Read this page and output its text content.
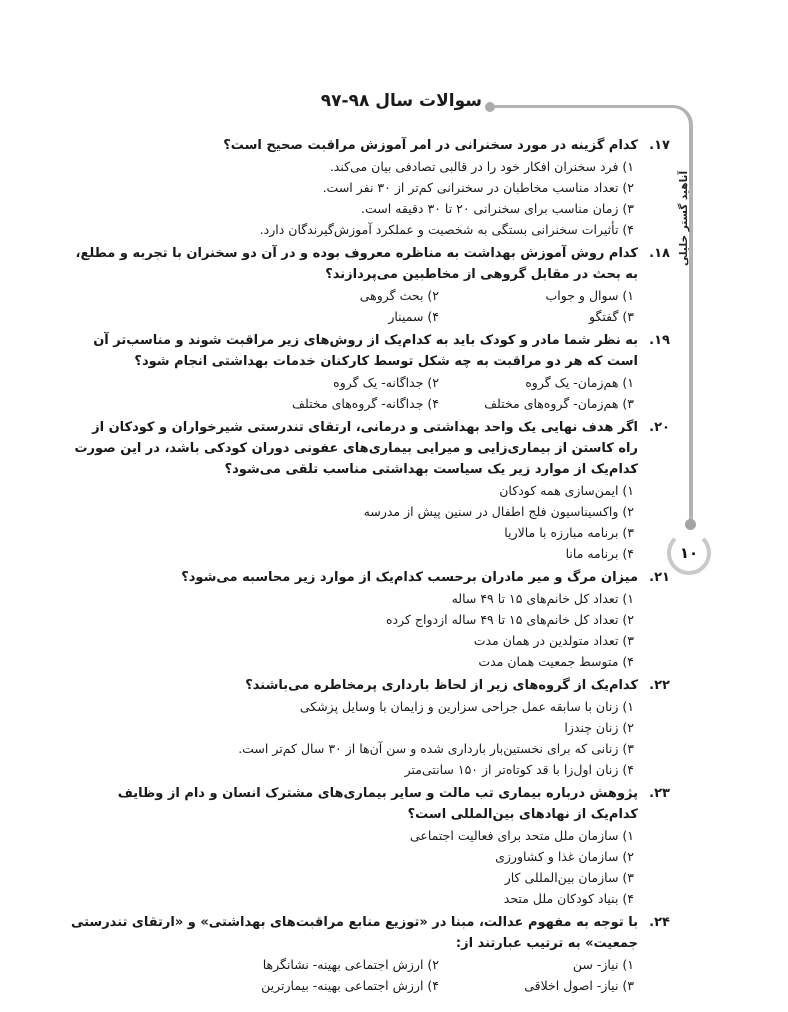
سوالات سال ۹۸-۹۷
آناهید گستر خلیلی
۱۰
۱۷.

کدام گزینه در مورد سخنرانی در امر آموزش مراقبت صحیح است؟

۱) فرد سخنران افکار خود را در قالبی تصادفی بیان می‌کند.
۲) تعداد مناسب مخاطبان در سخنرانی کم‌تر از ۳۰ نفر است.
۳) زمان مناسب برای سخنرانی ۲۰ تا ۳۰ دقیقه است.
۴) تأثیرات سخنرانی بستگی به شخصیت و عملکرد آموزش‌گیرندگان دارد.
۱۸.

کدام روش آموزش بهداشت به مناظره معروف بوده و در آن دو سخنران با تجربه و مطلع، به بحث در مقابل گروهی از مخاطبین می‌پردازند؟

۱) سوال و جواب
۲) بحث گروهی
۳) گفتگو
۴) سمینار
۱۹.

به نظر شما مادر و کودک باید به کدام‌یک از روش‌های زیر مراقبت شوند و مناسب‌تر آن است که هر دو مراقبت به چه شکل توسط کارکنان خدمات بهداشتی انجام شود؟

۱) هم‌زمان- یک گروه
۲) جداگانه- یک گروه
۳) هم‌زمان- گروه‌های مختلف
۴) جداگانه- گروه‌های مختلف
۲۰.

اگر هدف نهایی یک واحد بهداشتی و درمانی، ارتقای تندرستی شیرخواران و کودکان از راه کاستن از بیماری‌زایی و میرایی بیماری‌های عفونی دوران کودکی باشد، در این صورت کدام‌یک از موارد زیر یک سیاست بهداشتی مناسب تلقی می‌شود؟

۱) ایمن‌سازی همه کودکان
۲) واکسیناسیون فلج اطفال در سنین پیش از مدرسه
۳) برنامه مبارزه با مالاریا
۴) برنامه مانا
۲۱.

میزان مرگ و میر مادران برحسب کدام‌یک از موارد زیر محاسبه می‌شود؟

۱) تعداد کل خانم‌های ۱۵ تا ۴۹ ساله
۲) تعداد کل خانم‌های ۱۵ تا ۴۹ ساله ازدواج کرده
۳) تعداد متولدین در همان مدت
۴) متوسط جمعیت همان مدت
۲۲.

کدام‌یک از گروه‌های زیر از لحاظ بارداری پرمخاطره می‌باشند؟

۱) زنان با سابقه عمل جراحی سزارین و زایمان با وسایل پزشکی
۲) زنان چندزا
۳) زنانی که برای نخستین‌بار بارداری شده و سن آن‌ها از ۳۰ سال کم‌تر است.
۴) زنان اول‌زا با قد کوتاه‌تر از ۱۵۰ سانتی‌متر
۲۳.

پژوهش درباره بیماری تب مالت و سایر بیماری‌های مشترک انسان و دام از وظایف کدام‌یک از نهادهای بین‌المللی است؟

۱) سازمان ملل متحد برای فعالیت اجتماعی
۲) سازمان غذا و کشاورزی
۳) سازمان بین‌المللی کار
۴) بنیاد کودکان ملل متحد
۲۴.

با توجه به مفهوم عدالت، مبنا در «توزیع منابع مراقبت‌های بهداشتی» و «ارتقای تندرستی جمعیت» به ترتیب عبارتند از:

۱) نیاز- سن
۲) ارزش اجتماعی بهینه- نشانگرها
۳) نیاز- اصول اخلاقی
۴) ارزش اجتماعی بهینه- بیمارترین
